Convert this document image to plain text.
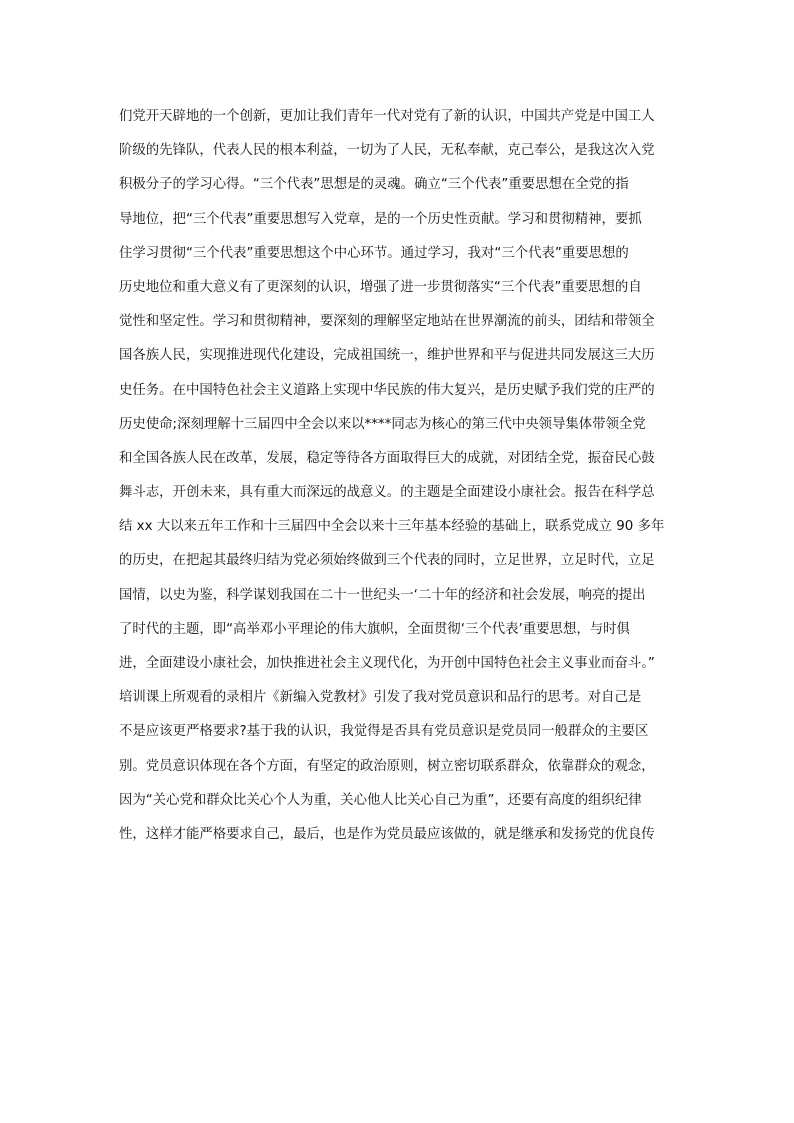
们党开天辟地的一个创新，更加让我们青年一代对党有了新的认识，中国共产党是中国工人
阶级的先锋队，代表人民的根本利益，一切为了人民，无私奉献，克己奉公，是我这次入党
积极分子的学习心得。“三个代表”思想是的灵魂。确立“三个代表”重要思想在全党的指
导地位，把“三个代表”重要思想写入党章，是的一个历史性贡献。学习和贯彻精神，要抓
住学习贯彻“三个代表”重要思想这个中心环节。通过学习，我对“三个代表”重要思想的
历史地位和重大意义有了更深刻的认识，增强了进一步贯彻落实“三个代表”重要思想的自
觉性和坚定性。学习和贯彻精神，要深刻的理解坚定地站在世界潮流的前头，团结和带领全
国各族人民，实现推进现代化建设，完成祖国统一，维护世界和平与促进共同发展这三大历
史任务。在中国特色社会主义道路上实现中华民族的伟大复兴，是历史赋予我们党的庄严的
历史使命;深刻理解十三届四中全会以来以****同志为核心的第三代中央领导集体带领全党
和全国各族人民在改革，发展，稳定等待各方面取得巨大的成就，对团结全党，振奋民心鼓
舞斗志，开创未来，具有重大而深远的战意义。的主题是全面建设小康社会。报告在科学总
结 xx 大以来五年工作和十三届四中全会以来十三年基本经验的基础上，联系党成立 90 多年
的历史，在把起其最终归结为党必须始终做到三个代表的同时，立足世界，立足时代，立足
国情，以史为鉴，科学谋划我国在二十一世纪头一‘二十年的经济和社会发展，响亮的提出
了时代的主题，即“高举邓小平理论的伟大旗帜，全面贯彻‘三个代表’重要思想，与时俱
进，全面建设小康社会，加快推进社会主义现代化，为开创中国特色社会主义事业而奋斗。”
培训课上所观看的录相片《新编入党教材》引发了我对党员意识和品行的思考。对自己是
不是应该更严格要求?基于我的认识，我觉得是否具有党员意识是党员同一般群众的主要区
别。党员意识体现在各个方面，有坚定的政治原则，树立密切联系群众，依靠群众的观念，
因为“关心党和群众比关心个人为重，关心他人比关心自己为重”，还要有高度的组织纪律
性，这样才能严格要求自己，最后，也是作为党员最应该做的，就是继承和发扬党的优良传
